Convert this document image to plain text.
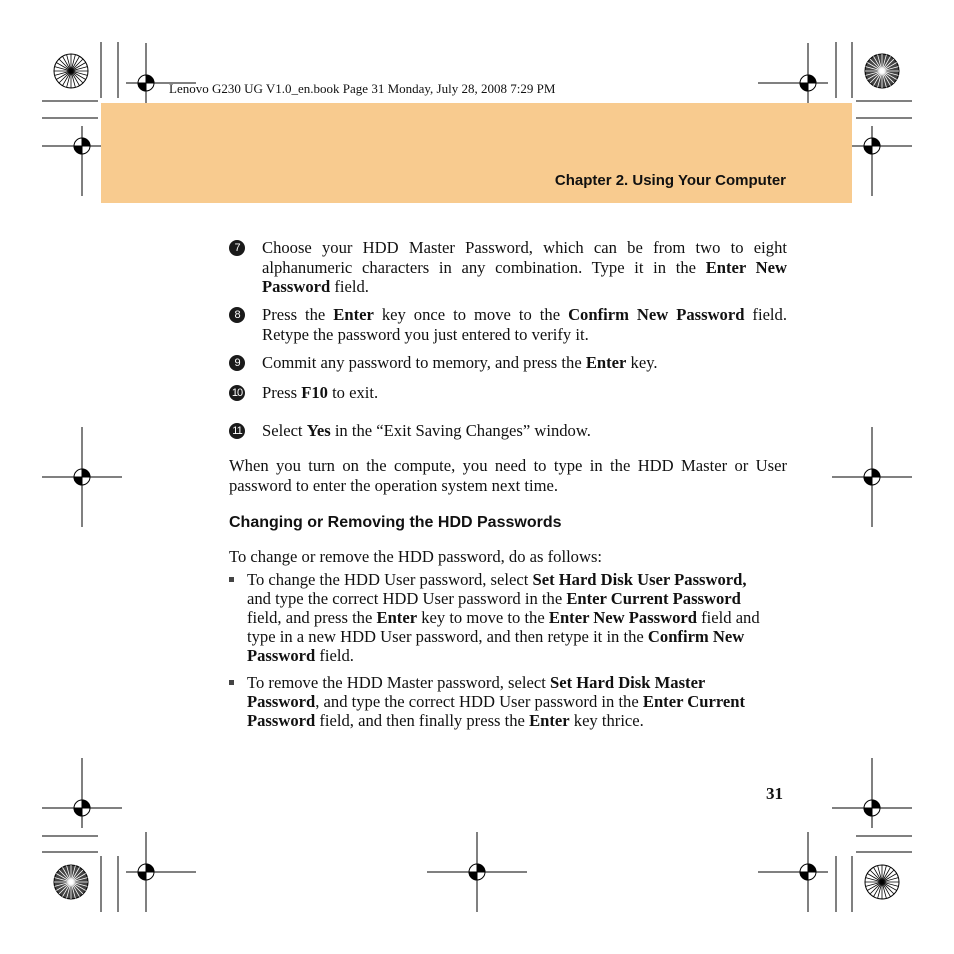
Lenovo G230 UG V1.0_en.book Page 31 Monday, July 28, 2008 7:29 PM
Chapter 2. Using Your Computer
7	Choose your HDD Master Password, which can be from two to eight alphanumeric characters in any combination. Type it in the Enter New Password field.
8	Press the Enter key once to move to the Confirm New Password field. Retype the password you just entered to verify it.
9	Commit any password to memory, and press the Enter key.
10 Press F10 to exit.
11 Select Yes in the “Exit Saving Changes” window.
When you turn on the compute, you need to type in the HDD Master or User password to enter the operation system next time.
Changing or Removing the HDD Passwords
To change or remove the HDD password, do as follows:
To change the HDD User password, select Set Hard Disk User Password, and type the correct HDD User password in the Enter Current Password field, and press the Enter key to move to the Enter New Password field and type in a new HDD User password, and then retype it in the Confirm New Password field.
To remove the HDD Master password, select Set Hard Disk Master Password, and type the correct HDD User password in the Enter Current Password field, and then finally press the Enter key thrice.
31
